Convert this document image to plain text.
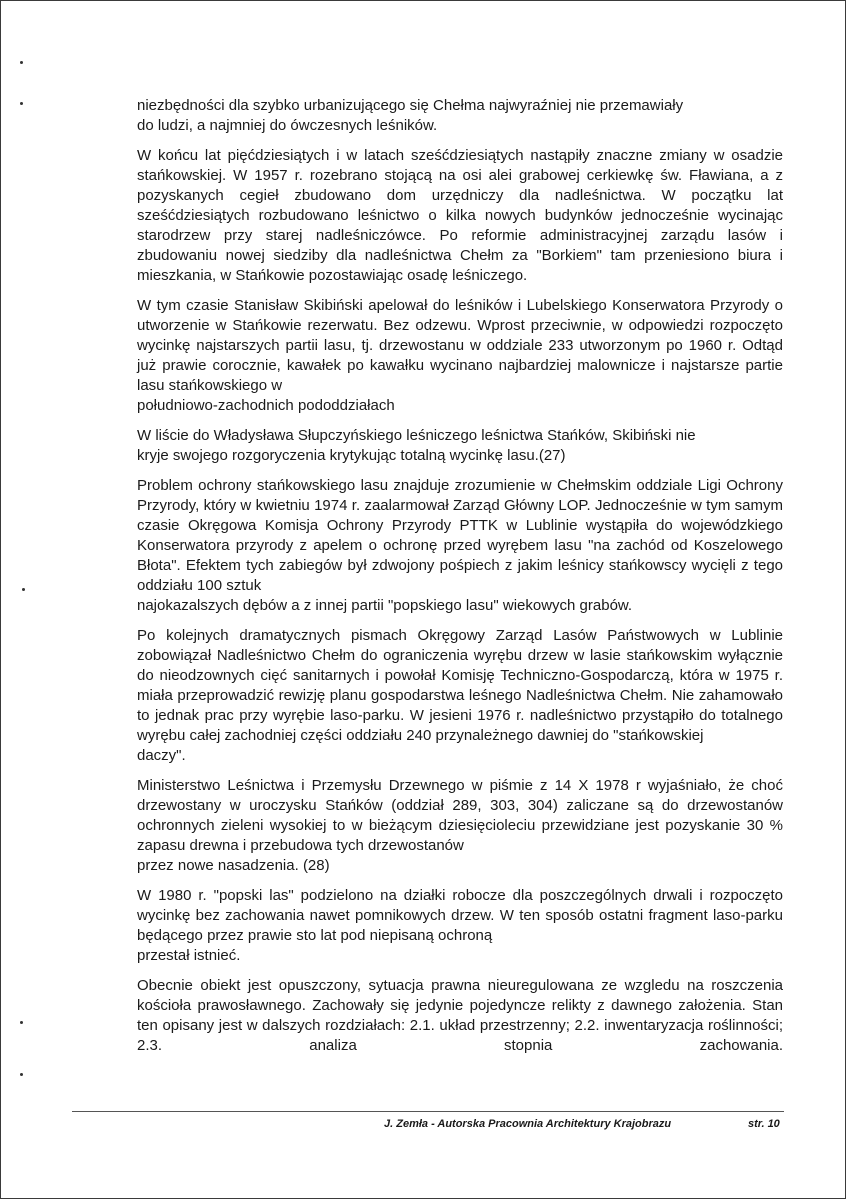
niezbędności dla szybko urbanizującego się Chełma najwyraźniej nie przemawiały
do ludzi, a najmniej do ówczesnych leśników.

W końcu lat pięćdziesiątych i w latach sześćdziesiątych nastąpiły znaczne zmiany w osadzie stańkowskiej. W 1957 r. rozebrano stojącą na osi alei grabowej cerkiewkę św. Fławiana, a z pozyskanych cegieł zbudowano dom urzędniczy dla nadleśnictwa. W początku lat sześćdziesiątych rozbudowano leśnictwo o kilka nowych budynków jednocześnie wycinając starodrzew przy starej nadleśniczówce. Po reformie administracyjnej zarządu lasów i zbudowaniu nowej siedziby dla nadleśnictwa Chełm za "Borkiem" tam przeniesiono biura i mieszkania, w Stańkowie pozostawiając osadę leśniczego.

W tym czasie Stanisław Skibiński apelował do leśników i Lubelskiego Konserwatora Przyrody o utworzenie w Stańkowie rezerwatu. Bez odzewu. Wprost przeciwnie, w odpowiedzi rozpoczęto wycinkę najstarszych partii lasu, tj. drzewostanu w oddziale 233 utworzonym po 1960 r. Odtąd już prawie corocznie, kawałek po kawałku wycinano najbardziej malownicze i najstarsze partie lasu stańkowskiego w
południowo-zachodnich pododdziałach

W liście do Władysława Słupczyńskiego leśniczego leśnictwa Stańków, Skibiński nie
kryje swojego rozgoryczenia krytykując totalną wycinkę lasu.(27)

Problem ochrony stańkowskiego lasu znajduje zrozumienie w Chełmskim oddziale Ligi Ochrony Przyrody, który w kwietniu 1974 r. zaalarmował Zarząd Główny LOP. Jednocześnie w tym samym czasie Okręgowa Komisja Ochrony Przyrody PTTK w Lublinie wystąpiła do wojewódzkiego Konserwatora przyrody z apelem o ochronę przed wyrębem lasu "na zachód od Koszelowego Błota". Efektem tych zabiegów był zdwojony pośpiech z jakim leśnicy stańkowscy wycięli z tego oddziału 100 sztuk
najokazalszych dębów a z innej partii "popskiego lasu" wiekowych grabów.

Po kolejnych dramatycznych pismach Okręgowy Zarząd Lasów Państwowych w Lublinie zobowiązał Nadleśnictwo Chełm do ograniczenia wyrębu drzew w lasie stańkowskim wyłącznie do nieodzownych cięć sanitarnych i powołał Komisję Techniczno-Gospodarczą, która w 1975 r. miała przeprowadzić rewizję planu gospodarstwa leśnego Nadleśnictwa Chełm. Nie zahamowało to jednak prac przy wyrębie laso-parku. W jesieni 1976 r. nadleśnictwo przystąpiło do totalnego wyrębu całej zachodniej części oddziału 240 przynależnego dawniej do "stańkowskiej
daczy".

Ministerstwo Leśnictwa i Przemysłu Drzewnego w piśmie z 14 X 1978 r wyjaśniało, że choć drzewostany w uroczysku Stańków (oddział 289, 303, 304) zaliczane są do drzewostanów ochronnych zieleni wysokiej to w bieżącym dziesięcioleciu przewidziane jest pozyskanie 30 % zapasu drewna i przebudowa tych drzewostanów
przez nowe nasadzenia. (28)

W 1980 r. "popski las" podzielono na działki robocze dla poszczególnych drwali i rozpoczęto wycinkę bez zachowania nawet pomnikowych drzew. W ten sposób ostatni fragment laso-parku będącego przez prawie sto lat pod niepisaną ochroną
przestał istnieć.

Obecnie obiekt jest opuszczony, sytuacja prawna nieuregulowana ze wzgledu na roszczenia kościoła prawosławnego. Zachowały się jedynie pojedyncze relikty z dawnego założenia. Stan ten opisany jest w dalszych rozdziałach: 2.1. układ przestrzenny; 2.2. inwentaryzacja roślinności; 2.3. analiza stopnia zachowania.

J. Zemła - Autorska Pracownia Architektury Krajobrazu	str. 10
